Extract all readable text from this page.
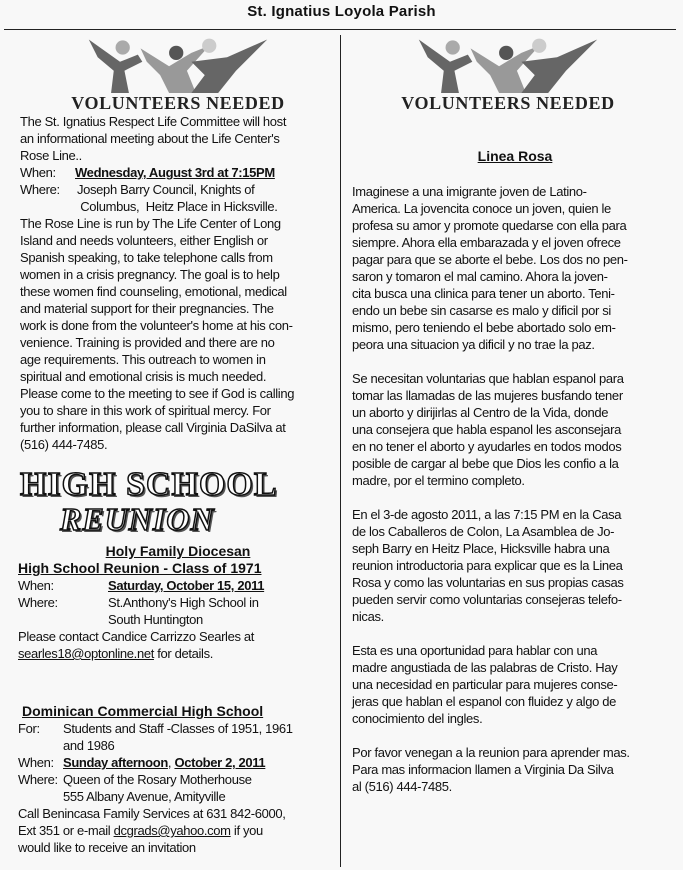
St. Ignatius Loyola Parish
VOLUNTEERS NEEDED	VOLUNTEERS NEEDED
The St. Ignatius Respect Life Committee will host
an informational meeting about the Life Center's
Rose Line..
When:	Wednesday, August 3rd at 7:15PM
Where:	Joseph Barry Council, Knights of
Columbus,  Heitz Place in Hicksville.
The Rose Line is run by The Life Center of Long
Island and needs volunteers, either English or
Spanish speaking, to take telephone calls from
women in a crisis pregnancy. The goal is to help
these women find counseling, emotional, medical
and material support for their pregnancies. The
work is done from the volunteer's home at his con-
venience. Training is provided and there are no
age requirements. This outreach to women in
spiritual and emotional crisis is much needed.
Please come to the meeting to see if God is calling
you to share in this work of spiritual mercy. For
further information, please call Virginia DaSilva at
(516) 444-7485.
HIGH SCHOOL
REUNION
Holy Family Diocesan
High School Reunion - Class of 1971
When:	Saturday, October 15, 2011
Where:	St.Anthony's High School in
South Huntington
Please contact Candice Carrizzo Searles at
searles18@optonline.net for details.
Dominican Commercial High School
For:	Students and Staff -Classes of 1951, 1961
and 1986
When: Sunday afternoon , October 2, 2011
Where: Queen of the Rosary Motherhouse
555 Albany Avenue, Amityville
Call Benincasa Family Services at 631 842-6000,
Ext 351 or e-mail dcgrads@yahoo.com if you
would like to receive an invitation
Linea Rosa
Imaginese a una imigrante joven de Latino-
America. La jovencita conoce un joven, quien le
profesa su amor y promote quedarse con ella para
siempre. Ahora ella embarazada y el joven ofrece
pagar para que se aborte el bebe. Los dos no pen-
saron y tomaron el mal camino. Ahora la joven-
cita busca una clinica para tener un aborto. Teni-
endo un bebe sin casarse es malo y dificil por si
mismo, pero teniendo el bebe abortado solo em-
peora una situacion ya dificil y no trae la paz.
Se necesitan voluntarias que hablan espanol para
tomar las llamadas de las mujeres busfando tener
un aborto y dirijirlas al Centro de la Vida, donde
una consejera que habla espanol les asconsejara
en no tener el aborto y ayudarles en todos modos
posible de cargar al bebe que Dios les confio a la
madre, por el termino completo.
En el 3-de agosto 2011, a las 7:15 PM en la Casa
de los Caballeros de Colon, La Asamblea de Jo-
seph Barry en Heitz Place, Hicksville habra una
reunion introductoria para explicar que es la Linea
Rosa y como las voluntarias en sus propias casas
pueden servir como voluntarias consejeras telefo-
nicas.
Esta es una oportunidad para hablar con una
madre angustiada de las palabras de Cristo. Hay
una necesidad en particular para mujeres conse-
jeras que hablan el espanol con fluidez y algo de
conocimiento del ingles.
Por favor venegan a la reunion para aprender mas.
Para mas informacion llamen a Virginia Da Silva
al (516) 444-7485.
